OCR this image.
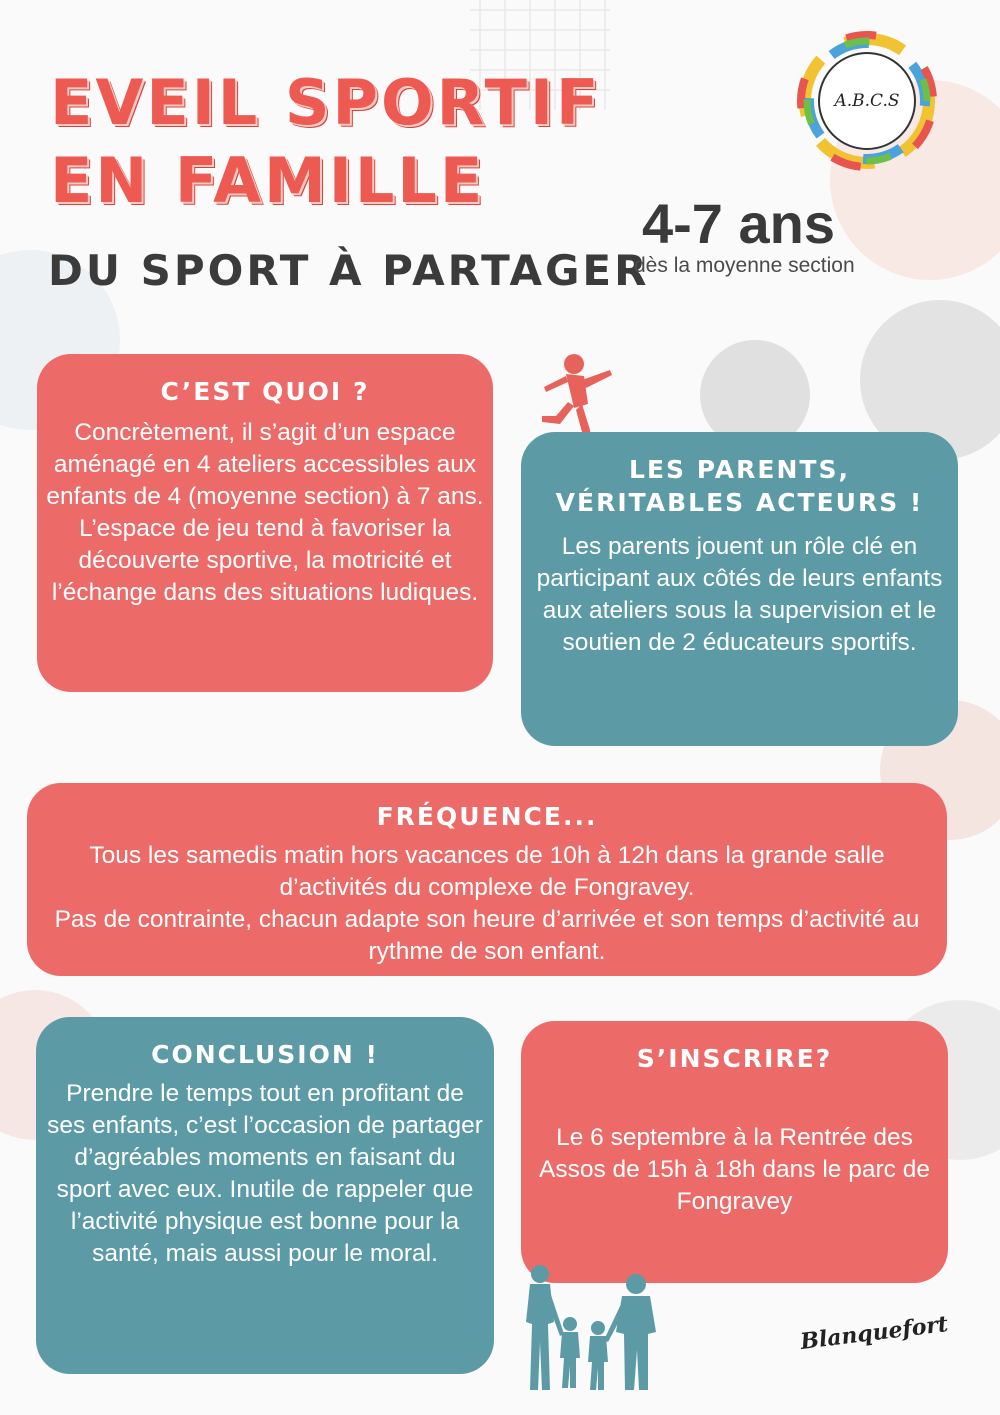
EVEIL SPORTIF
EN FAMILLE
DU SPORT À PARTAGER
4-7 ans
dès la moyenne section
A.B.C.S
C’EST QUOI ?

Concrètement, il s’agit d’un espace aménagé en 4 ateliers accessibles aux enfants de 4 (moyenne section) à 7 ans. L’espace de jeu tend à favoriser la découverte sportive, la motricité et l’échange dans des situations ludiques.

LES PARENTS, VÉRITABLES ACTEURS !

Les parents jouent un rôle clé en participant aux côtés de leurs enfants aux ateliers sous la supervision et le soutien de 2 éducateurs sportifs.

FRÉQUENCE...

Tous les samedis matin hors vacances de 10h à 12h dans la grande salle d’activités du complexe de Fongravey.

Pas de contrainte, chacun adapte son heure d’arrivée et son temps d’activité au rythme de son enfant.

CONCLUSION !

Prendre le temps tout en profitant de ses enfants, c’est l’occasion de partager d’agréables moments en faisant du sport avec eux. Inutile de rappeler que l’activité physique est bonne pour la santé, mais aussi pour le moral.

S’INSCRIRE?

Le 6 septembre à la Rentrée des Assos de 15h à 18h dans le parc de Fongravey

Blanquefort
